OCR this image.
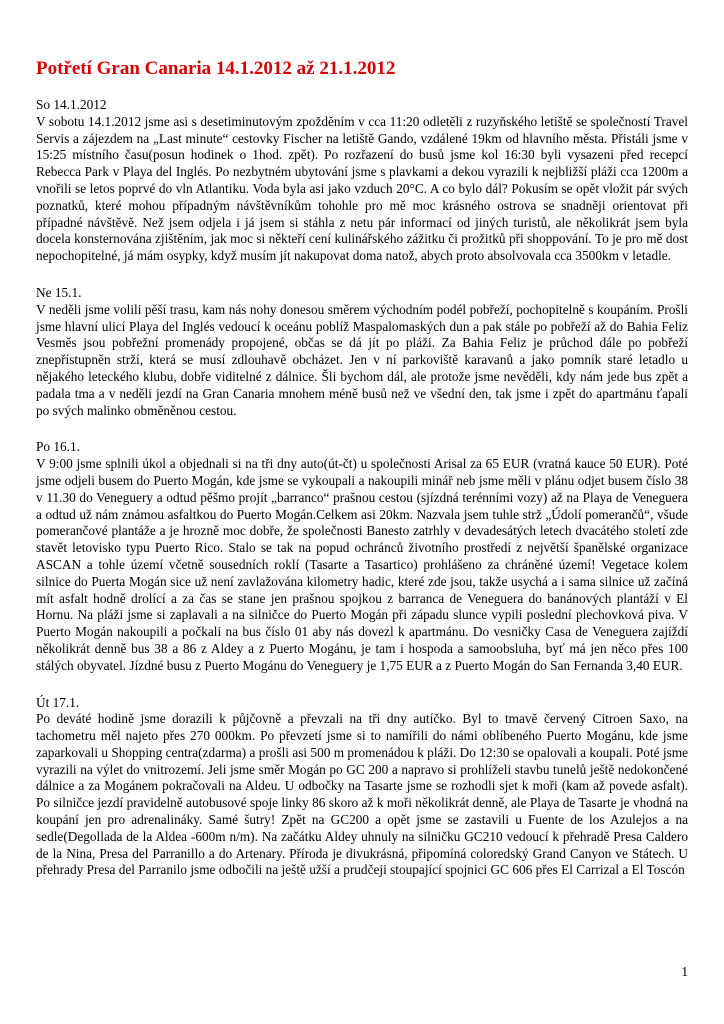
Potřetí Gran Canaria 14.1.2012 až 21.1.2012

So 14.1.2012

V sobotu 14.1.2012 jsme asi s desetiminutovým zpožděním v cca 11:20 odletěli z ruzyňského letiště se společností Travel Servis a zájezdem na „Last minute“ cestovky Fischer na letiště Gando, vzdálené 19km od hlavního města. Přistáli jsme v 15:25 místního času(posun hodinek o 1hod. zpět). Po rozřazení do busů jsme kol 16:30 byli vysazeni před recepcí Rebecca Park v Playa del Inglés. Po nezbytném ubytování jsme s plavkami a dekou vyrazili k nejbližší pláži cca 1200m a vnořili se letos poprvé do vln Atlantiku. Voda byla asi jako vzduch 20°C. A co bylo dál? Pokusím se opět vložit pár svých poznatků, které mohou případným návštěvníkům tohohle pro mě moc krásného ostrova se snadněji orientovat při případné návštěvě. Než jsem odjela i já jsem si stáhla z netu pár informací od jiných turistů, ale několikrát jsem byla docela konsternována zjištěním, jak moc si někteří cení kulinářského zážitku či prožitků při shoppování. To je pro mě dost nepochopitelné, já mám osypky, když musím jít nakupovat doma natož, abych proto absolvovala cca 3500km v letadle.

Ne 15.1.

V neděli jsme volili pěší trasu, kam nás nohy donesou směrem východním podél pobřeží, pochopitelně s koupáním. Prošli jsme hlavní ulicí Playa del Inglés vedoucí k oceánu poblíž Maspalomaských dun a pak stále po pobřeží až do Bahia Feliz Vesměs jsou pobřežní promenády propojené, občas se dá jít po pláži. Za Bahia Feliz je průchod dále po pobřeží znepřístupněn strží, která se musí zdlouhavě obcházet. Jen v ní parkoviště karavanů a jako pomník staré letadlo u nějakého leteckého klubu, dobře viditelné z dálnice. Šli bychom dál, ale protože jsme nevěděli, kdy nám jede bus zpět a padala tma a v neděli jezdí na Gran Canaria mnohem méně busů než ve všední den, tak jsme i zpět do apartmánu ťapali po svých malinko obměněnou cestou.

Po 16.1.

V 9:00 jsme splnili úkol a objednali si na tři dny auto(út-čt) u společnosti Arisal za 65 EUR (vratná kauce 50 EUR). Poté jsme odjeli busem do Puerto Mogán, kde jsme se vykoupali a nakoupili minář neb jsme měli v plánu odjet busem číslo 38 v 11.30 do Veneguery a odtud pěšmo projít „barranco“ prašnou cestou (sjízdná terénními vozy) až na Playa de Veneguera a odtud už nám známou asfaltkou do Puerto Mogán.Celkem asi 20km. Nazvala jsem tuhle strž „Údolí pomerančů“, všude pomerančové plantáže a je hrozně moc dobře, že společnosti Banesto zatrhly v devadesátých letech dvacátého století zde stavět letovisko typu Puerto Rico. Stalo se tak na popud ochránců životního prostředí z největší španělské organizace ASCAN a tohle území včetně sousedních roklí (Tasarte a Tasartico) prohlášeno za chráněné území! Vegetace kolem silnice do Puerta Mogán sice už není zavlažována kilometry hadic, které zde jsou, takže usychá a i sama silnice už začíná mít asfalt hodně drolící a za čas se stane jen prašnou spojkou z barranca de Veneguera do banánových plantáží v El Hornu. Na pláži jsme si zaplavali a na silničce do Puerto Mogán při západu slunce vypili poslední plechovková piva. V Puerto Mogán nakoupili a počkali na bus číslo 01 aby nás dovezl k apartmánu. Do vesničky Casa de Veneguera zajíždí několikrát denně bus 38 a 86 z Aldey a z Puerto Mogánu, je tam i hospoda a samoobsluha, byť má jen něco přes 100 stálých obyvatel. Jízdné busu z Puerto Mogánu do Veneguery je 1,75 EUR a z Puerto Mogán do San Fernanda 3,40 EUR.

Út 17.1.

Po deváté hodině jsme dorazili k půjčovně a převzali na tři dny autíčko. Byl to tmavě červený Citroen Saxo, na tachometru měl najeto přes 270 000km. Po převzetí jsme si to namířili do námi oblíbeného Puerto Mogánu, kde jsme zaparkovali u Shopping centra(zdarma) a prošli asi 500 m promenádou k pláži. Do 12:30 se opalovali a koupali. Poté jsme vyrazili na výlet do vnitrozemí. Jeli jsme směr Mogán po GC 200 a napravo si prohlíželi stavbu tunelů ještě nedokončené dálnice a za Mogánem pokračovali na Aldeu. U odbočky na Tasarte jsme se rozhodli sjet k moři (kam až povede asfalt). Po silničce jezdí pravidelně autobusové spoje linky 86 skoro až k moři několikrát denně, ale Playa de Tasarte je vhodná na koupání jen pro adrenalináky. Samé šutry! Zpět na GC200 a opět jsme se zastavili u Fuente de los Azulejos a na sedle(Degollada de la Aldea -600m n/m). Na začátku Aldey uhnuly na silničku GC210 vedoucí k přehradě Presa Caldero de la Nina, Presa del Parranillo a do Artenary. Příroda je divukrásná, připomíná coloredský Grand Canyon ve Státech. U přehrady Presa del Parranilo jsme odbočili na ještě užší a prudčeji stoupající spojnici GC 606 přes El Carrizal a El Toscón

1
